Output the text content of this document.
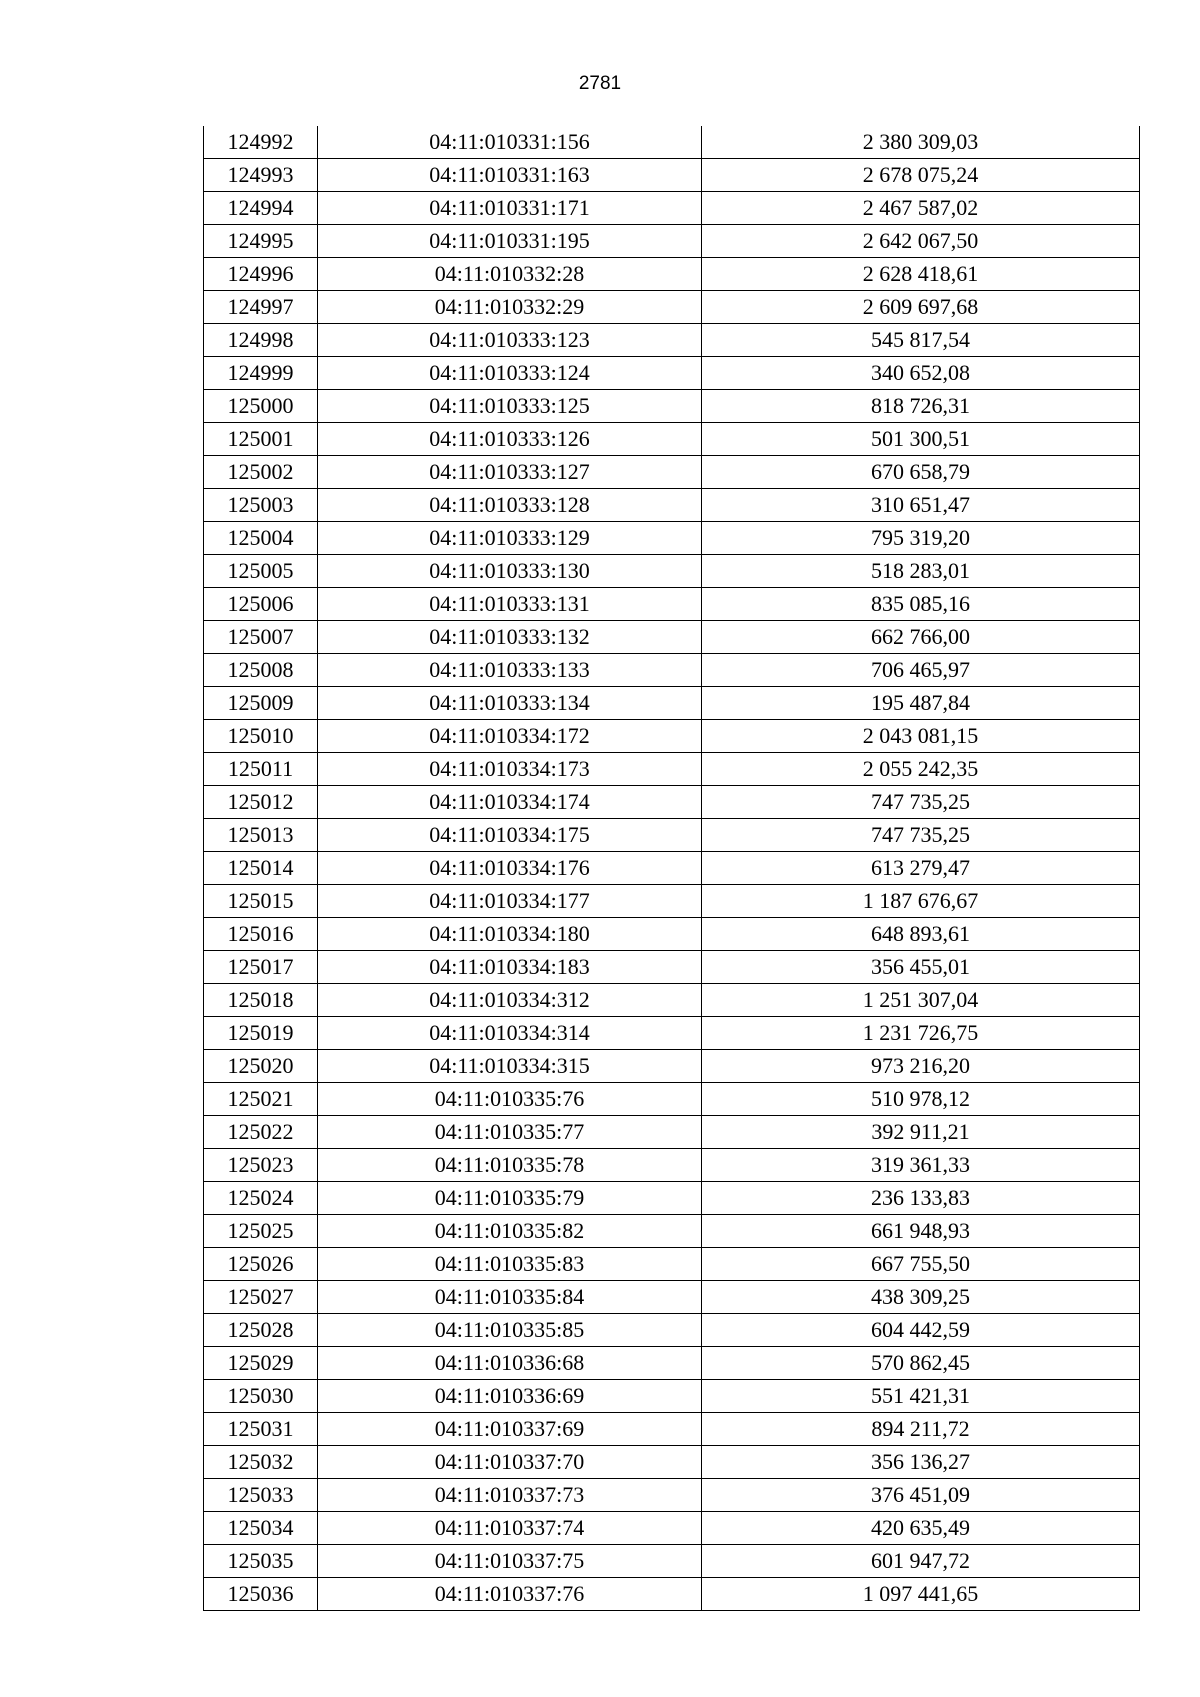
2781
124992	04:11:010331:156	2 380 309,03
124993	04:11:010331:163	2 678 075,24
124994	04:11:010331:171	2 467 587,02
124995	04:11:010331:195	2 642 067,50
124996	04:11:010332:28	2 628 418,61
124997	04:11:010332:29	2 609 697,68
124998	04:11:010333:123	545 817,54
124999	04:11:010333:124	340 652,08
125000	04:11:010333:125	818 726,31
125001	04:11:010333:126	501 300,51
125002	04:11:010333:127	670 658,79
125003	04:11:010333:128	310 651,47
125004	04:11:010333:129	795 319,20
125005	04:11:010333:130	518 283,01
125006	04:11:010333:131	835 085,16
125007	04:11:010333:132	662 766,00
125008	04:11:010333:133	706 465,97
125009	04:11:010333:134	195 487,84
125010	04:11:010334:172	2 043 081,15
125011	04:11:010334:173	2 055 242,35
125012	04:11:010334:174	747 735,25
125013	04:11:010334:175	747 735,25
125014	04:11:010334:176	613 279,47
125015	04:11:010334:177	1 187 676,67
125016	04:11:010334:180	648 893,61
125017	04:11:010334:183	356 455,01
125018	04:11:010334:312	1 251 307,04
125019	04:11:010334:314	1 231 726,75
125020	04:11:010334:315	973 216,20
125021	04:11:010335:76	510 978,12
125022	04:11:010335:77	392 911,21
125023	04:11:010335:78	319 361,33
125024	04:11:010335:79	236 133,83
125025	04:11:010335:82	661 948,93
125026	04:11:010335:83	667 755,50
125027	04:11:010335:84	438 309,25
125028	04:11:010335:85	604 442,59
125029	04:11:010336:68	570 862,45
125030	04:11:010336:69	551 421,31
125031	04:11:010337:69	894 211,72
125032	04:11:010337:70	356 136,27
125033	04:11:010337:73	376 451,09
125034	04:11:010337:74	420 635,49
125035	04:11:010337:75	601 947,72
125036	04:11:010337:76	1 097 441,65
